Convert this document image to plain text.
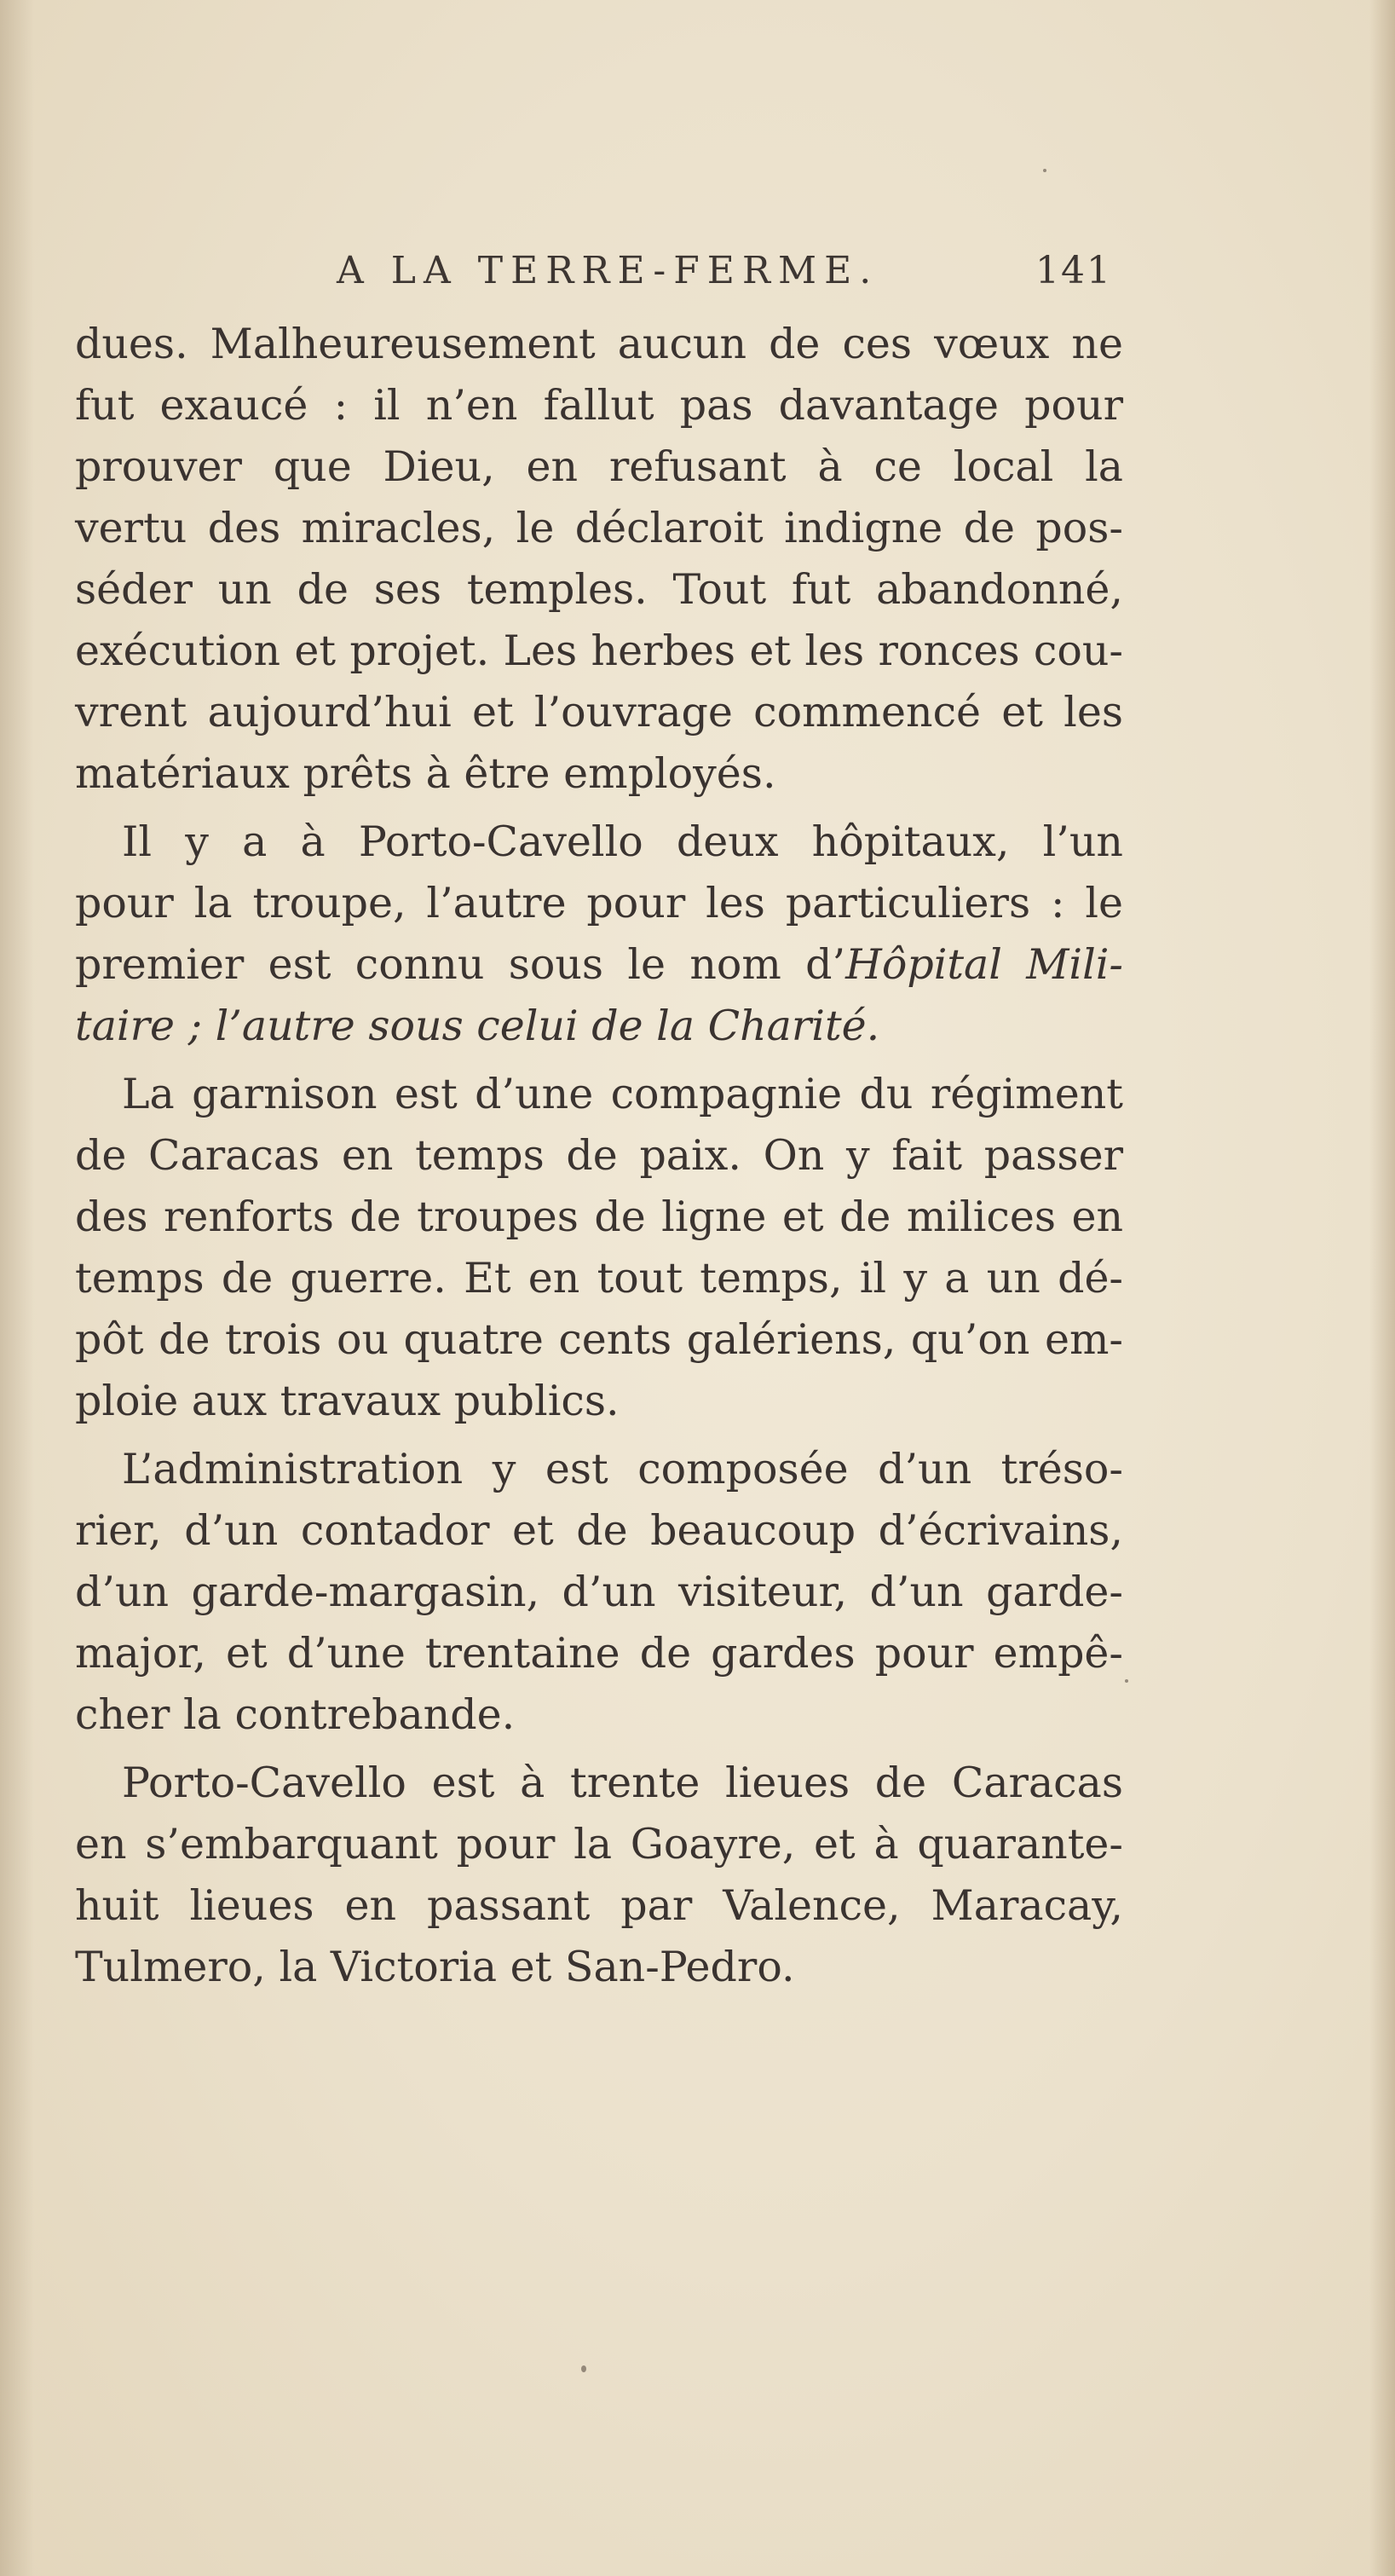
A LA TERRE-FERME.	141
dues. Malheureusement aucun de ces vœux ne
fut exaucé : il n’en fallut pas davantage pour
prouver que Dieu, en refusant à ce local la
vertu des miracles, le déclaroit indigne de pos-
séder un de ses temples. Tout fut abandonné,
exécution et projet. Les herbes et les ronces cou-
vrent aujourd’hui et l’ouvrage commencé et les
matériaux prêts à être employés.
Il y a à Porto-Cavello deux hôpitaux, l’un
pour la troupe, l’autre pour les particuliers : le
premier est connu sous le nom d’Hôpital Mili-
taire ; l’autre sous celui de la Charité.
La garnison est d’une compagnie du régiment
de Caracas en temps de paix. On y fait passer
des renforts de troupes de ligne et de milices en
temps de guerre. Et en tout temps, il y a un dé-
pôt de trois ou quatre cents galériens, qu’on em-
ploie aux travaux publics.
L’administration y est composée d’un tréso-
rier, d’un contador et de beaucoup d’écrivains,
d’un garde-margasin, d’un visiteur, d’un garde-
major, et d’une trentaine de gardes pour empê-
cher la contrebande.
Porto-Cavello est à trente lieues de Caracas
en s’embarquant pour la Goayre, et à quarante-
huit lieues en passant par Valence, Maracay,
Tulmero, la Victoria et San-Pedro.
